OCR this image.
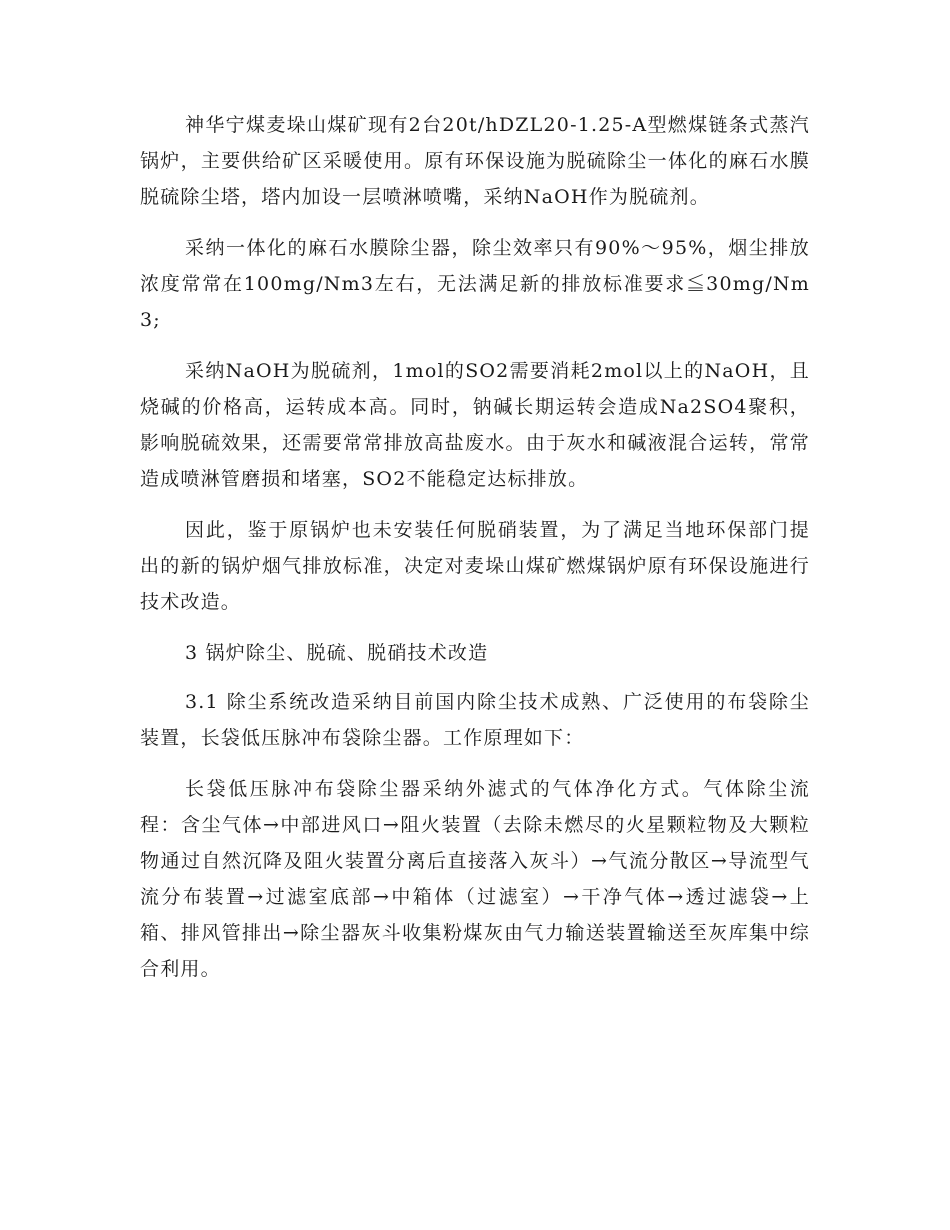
神华宁煤麦垛山煤矿现有2台20t/hDZL20-1.25-A型燃煤链条式蒸汽锅炉，主要供给矿区采暖使用。原有环保设施为脱硫除尘一体化的麻石水膜脱硫除尘塔，塔内加设一层喷淋喷嘴，采纳NaOH作为脱硫剂。

采纳一体化的麻石水膜除尘器，除尘效率只有90%～95%，烟尘排放浓度常常在100mg/Nm3左右，无法满足新的排放标准要求≦30mg/Nm3;

采纳NaOH为脱硫剂，1mol的SO2需要消耗2mol以上的NaOH，且烧碱的价格高，运转成本高。同时，钠碱长期运转会造成Na2SO4聚积，影响脱硫效果，还需要常常排放高盐废水。由于灰水和碱液混合运转，常常造成喷淋管磨损和堵塞，SO2不能稳定达标排放。

因此，鉴于原锅炉也未安装任何脱硝装置，为了满足当地环保部门提出的新的锅炉烟气排放标准，决定对麦垛山煤矿燃煤锅炉原有环保设施进行技术改造。

3 锅炉除尘、脱硫、脱硝技术改造

3.1 除尘系统改造采纳目前国内除尘技术成熟、广泛使用的布袋除尘装置，长袋低压脉冲布袋除尘器。工作原理如下：

长袋低压脉冲布袋除尘器采纳外滤式的气体净化方式。气体除尘流程：含尘气体→中部进风口→阻火装置（去除未燃尽的火星颗粒物及大颗粒物通过自然沉降及阻火装置分离后直接落入灰斗）→气流分散区→导流型气流分布装置→过滤室底部→中箱体（过滤室）→干净气体→透过滤袋→上箱、排风管排出→除尘器灰斗收集粉煤灰由气力输送装置输送至灰库集中综合利用。
